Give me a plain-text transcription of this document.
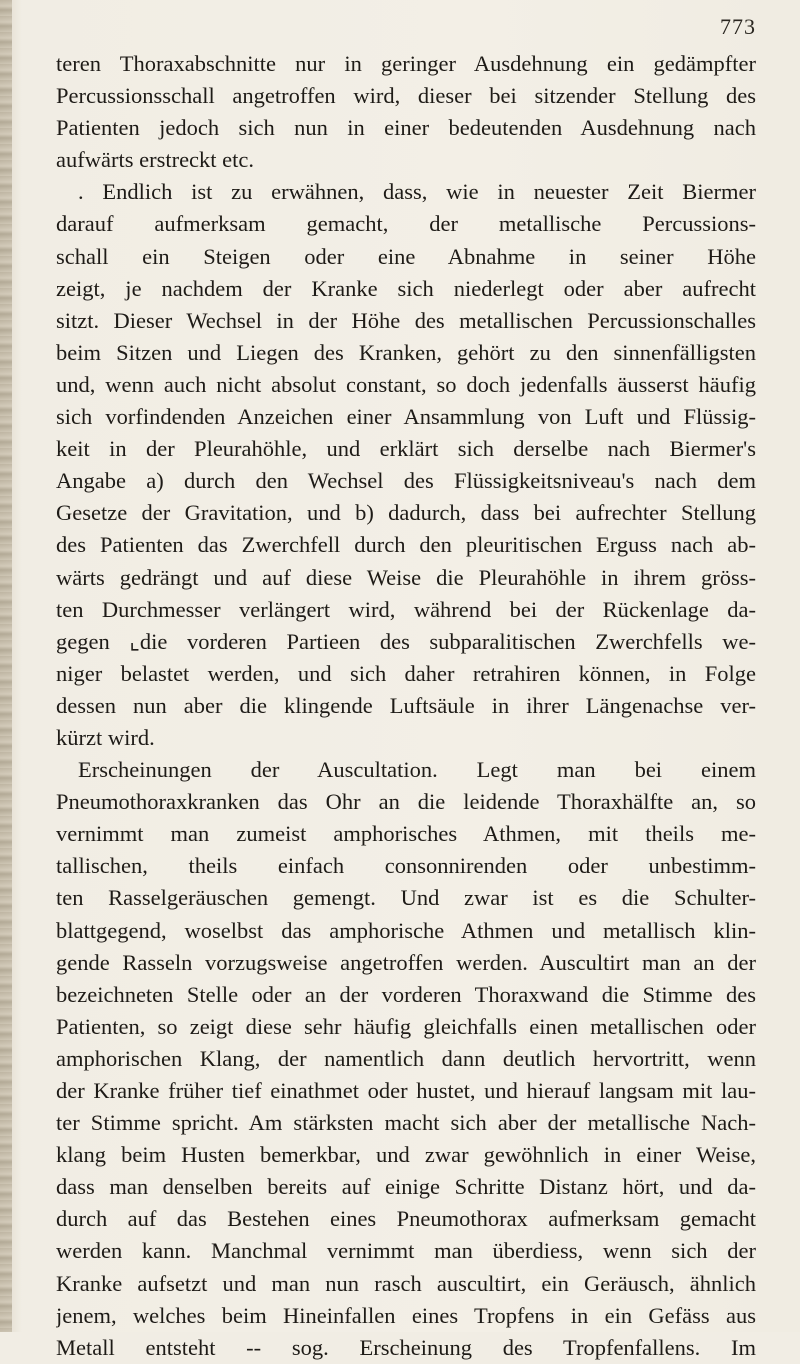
773
teren Thoraxabschnitte nur in geringer Ausdehnung ein gedämpfter
Percussionsschall angetroffen wird, dieser bei sitzender Stellung des
Patienten jedoch sich nun in einer bedeutenden Ausdehnung nach
aufwärts erstreckt etc.
. Endlich ist zu erwähnen, dass, wie in neuester Zeit Biermer
darauf aufmerksam gemacht, der metallische Percussions-
schall ein Steigen oder eine Abnahme in seiner Höhe
zeigt, je nachdem der Kranke sich niederlegt oder aber aufrecht
sitzt. Dieser Wechsel in der Höhe des metallischen Percussionschalles
beim Sitzen und Liegen des Kranken, gehört zu den sinnenfälligsten
und, wenn auch nicht absolut constant, so doch jedenfalls äusserst häufig
sich vorfindenden Anzeichen einer Ansammlung von Luft und Flüssig-
keit in der Pleurahöhle, und erklärt sich derselbe nach Biermer's
Angabe a) durch den Wechsel des Flüssigkeitsniveau's nach dem
Gesetze der Gravitation, und b) dadurch, dass bei aufrechter Stellung
des Patienten das Zwerchfell durch den pleuritischen Erguss nach ab-
wärts gedrängt und auf diese Weise die Pleurahöhle in ihrem gröss-
ten Durchmesser verlängert wird, während bei der Rückenlage da-
gegen ⌞die vorderen Partieen des subparalitischen Zwerchfells we-
niger belastet werden, und sich daher retrahiren können, in Folge
dessen nun aber die klingende Luftsäule in ihrer Längenachse ver-
kürzt wird.
Erscheinungen der Auscultation. Legt man bei einem
Pneumothoraxkranken das Ohr an die leidende Thoraxhälfte an, so
vernimmt man zumeist amphorisches Athmen, mit theils me-
tallischen, theils einfach consonnirenden oder unbestimm-
ten Rasselgeräuschen gemengt. Und zwar ist es die Schulter-
blattgegend, woselbst das amphorische Athmen und metallisch klin-
gende Rasseln vorzugsweise angetroffen werden. Auscultirt man an der
bezeichneten Stelle oder an der vorderen Thoraxwand die Stimme des
Patienten, so zeigt diese sehr häufig gleichfalls einen metallischen oder
amphorischen Klang, der namentlich dann deutlich hervortritt, wenn
der Kranke früher tief einathmet oder hustet, und hierauf langsam mit lau-
ter Stimme spricht. Am stärksten macht sich aber der metallische Nach-
klang beim Husten bemerkbar, und zwar gewöhnlich in einer Weise,
dass man denselben bereits auf einige Schritte Distanz hört, und da-
durch auf das Bestehen eines Pneumothorax aufmerksam gemacht
werden kann. Manchmal vernimmt man überdiess, wenn sich der
Kranke aufsetzt und man nun rasch auscultirt, ein Geräusch, ähnlich
jenem, welches beim Hineinfallen eines Tropfens in ein Gefäss aus
Metall entsteht -- sog. Erscheinung des Tropfenfallens. Im
